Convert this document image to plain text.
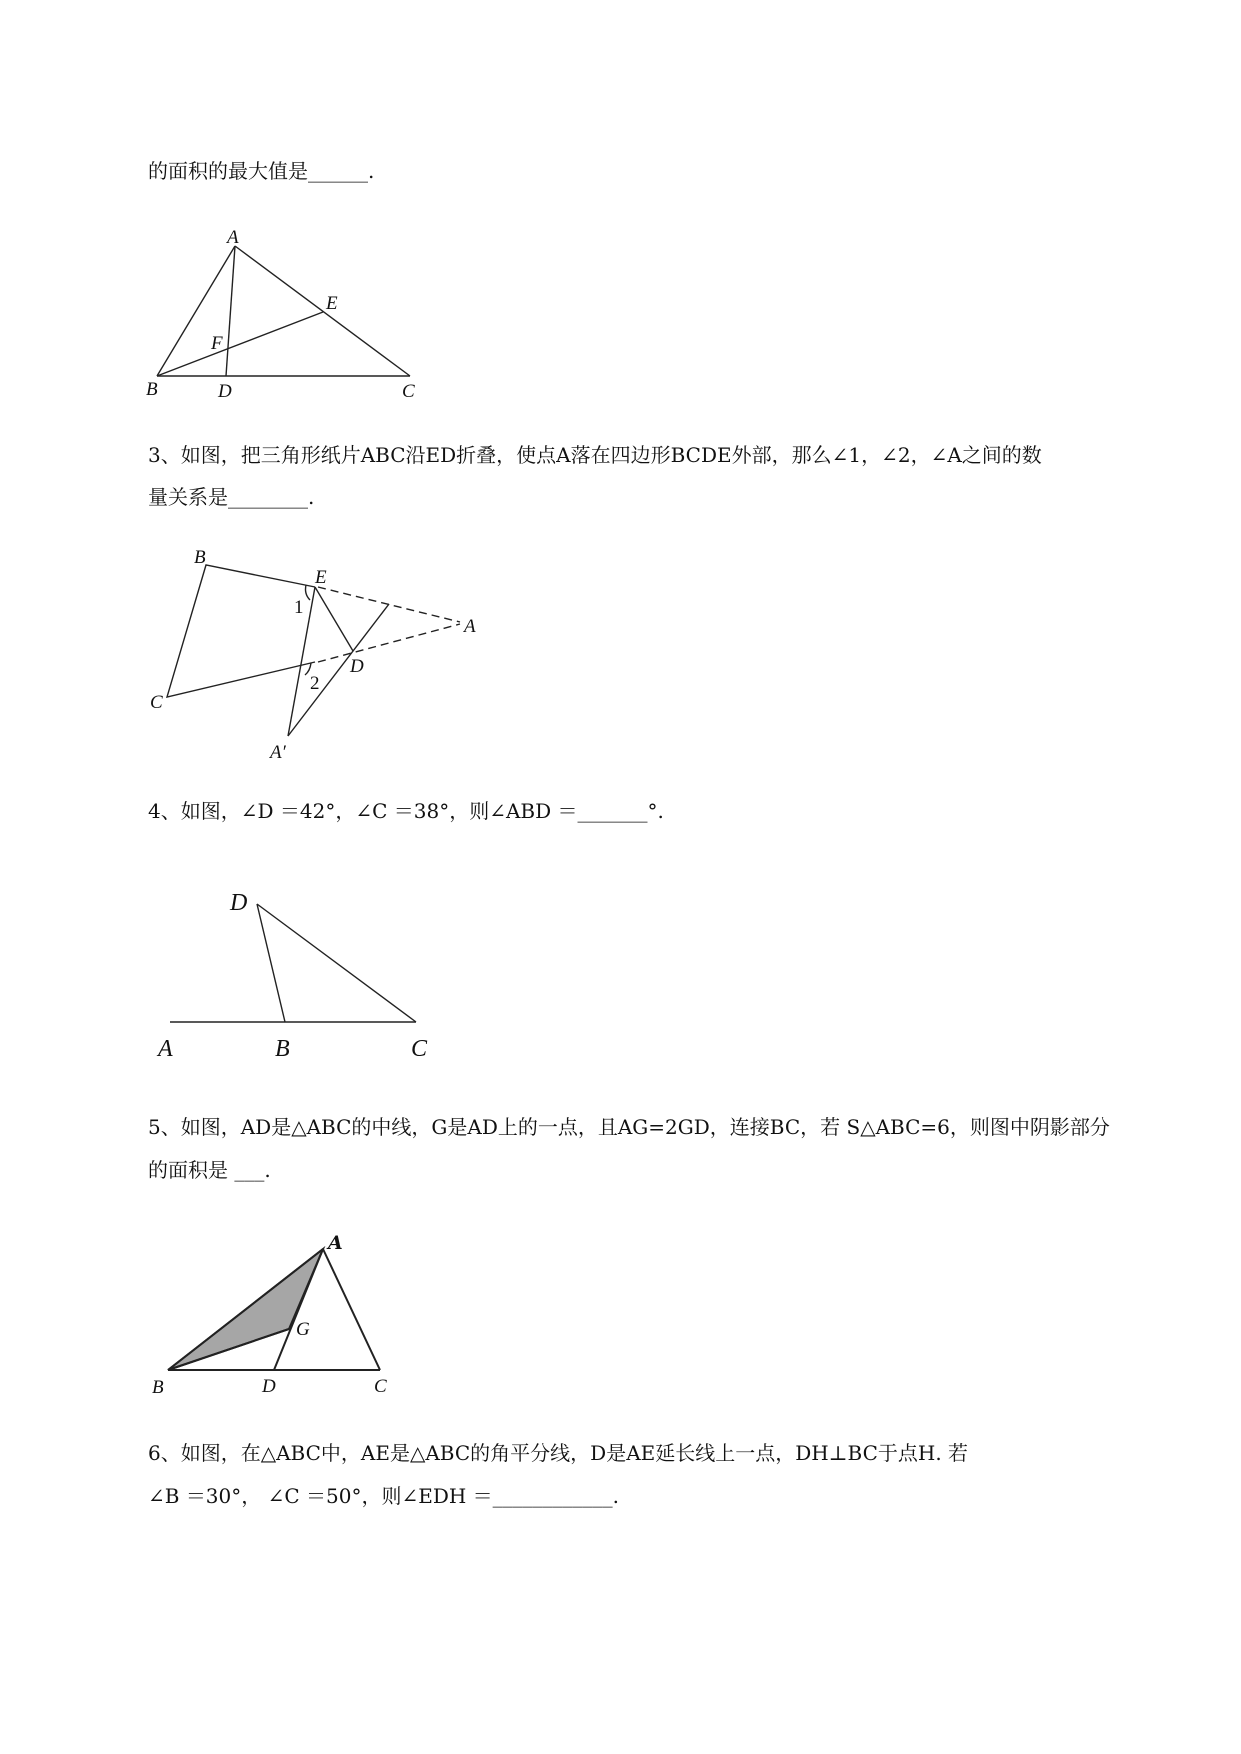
的面积的最大值是______.
3、如图，把三角形纸片ABC沿ED折叠，使点A落在四边形BCDE外部，那么∠1，∠2，∠A之间的数
量关系是________.
4、如图，∠D ＝42°，∠C ＝38°，则∠ABD ＝_______°.
5、如图，AD是△ABC的中线，G是AD上的一点，且AG=2GD，连接BC，若 S△ABC=6，则图中阴影部分
的面积是 ___.
6、如图，在△ABC中，AE是△ABC的角平分线，D是AE延长线上一点，DH⊥BC于点H. 若
∠B ＝30°， ∠C ＝50°，则∠EDH ＝____________.
A
E
F
B	D	C
B
E
1
A
D
2
C
A′
D
A	B	C
A
G
B	D	C
